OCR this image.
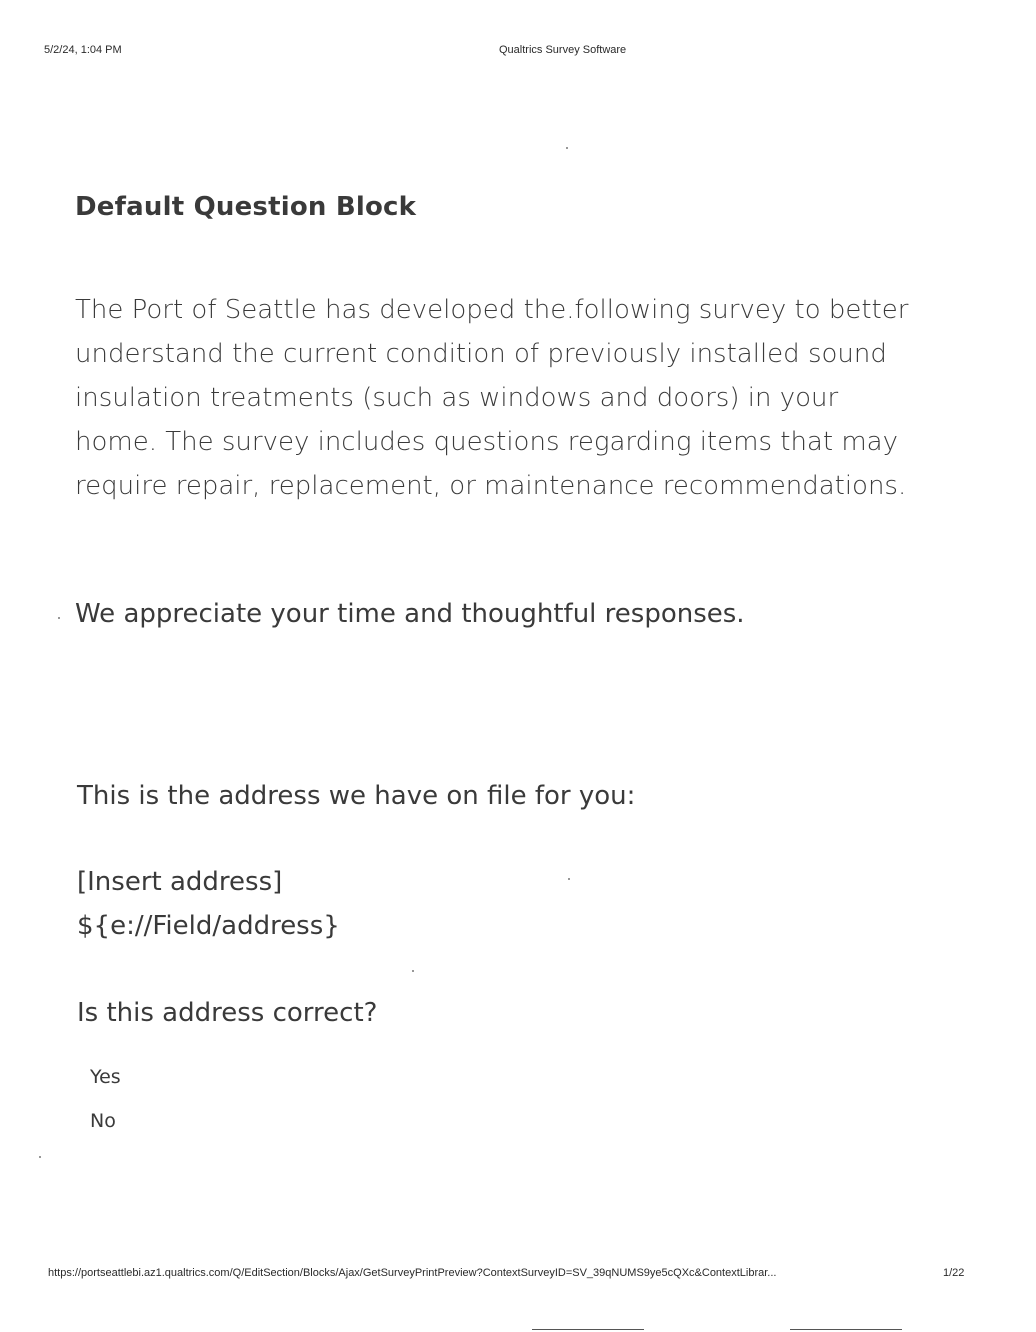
5/2/24, 1:04 PM	Qualtrics Survey Software
Default Question Block

The Port of Seattle has developed the.following survey to better understand the current condition of previously installed sound insulation treatments (such as windows and doors) in your home. The survey includes questions regarding items that may require repair, replacement, or maintenance recommendations.

We appreciate your time and thoughtful responses.

This is the address we have on file for you:

[Insert address]
${e://Field/address}

Is this address correct?

Yes
No
https://portseattlebi.az1.qualtrics.com/Q/EditSection/Blocks/Ajax/GetSurveyPrintPreview?ContextSurveyID=SV_39qNUMS9ye5cQXc&ContextLibrar...	1/22
